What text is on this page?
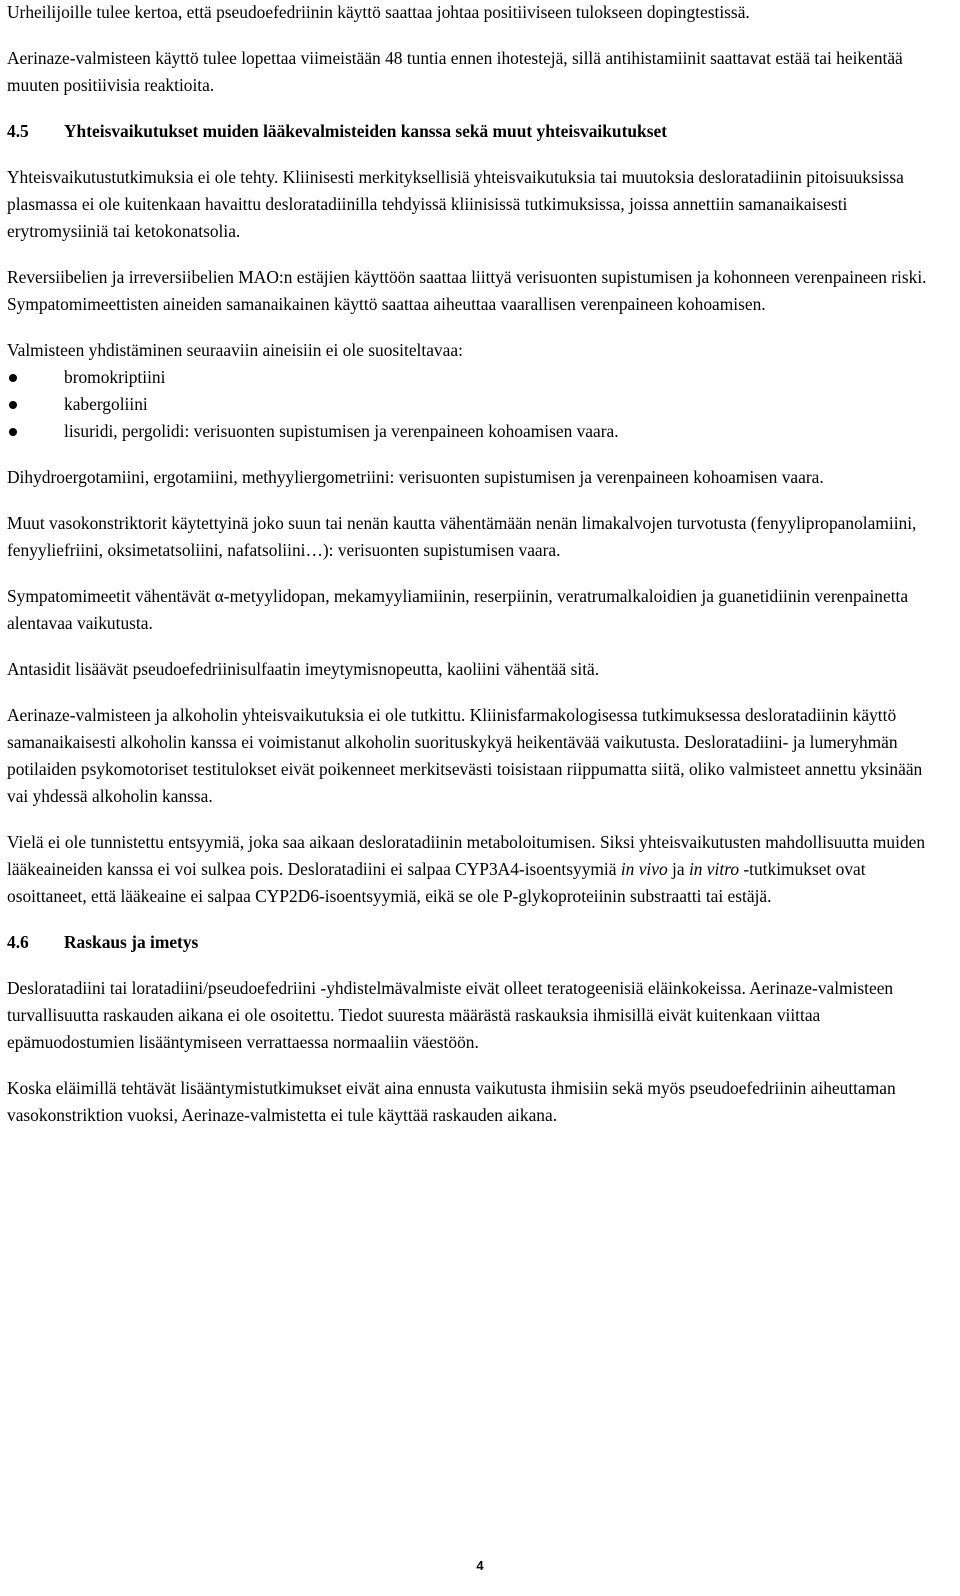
Urheilijoille tulee kertoa, että pseudoefedriinin käyttö saattaa johtaa positiiviseen tulokseen dopingtestissä.

Aerinaze-valmisteen käyttö tulee lopettaa viimeistään 48 tuntia ennen ihotestejä, sillä antihistamiinit saattavat estää tai heikentää muuten positiivisia reaktioita.

4.5 Yhteisvaikutukset muiden lääkevalmisteiden kanssa sekä muut yhteisvaikutukset

Yhteisvaikutustutkimuksia ei ole tehty. Kliinisesti merkityksellisiä yhteisvaikutuksia tai muutoksia desloratadiinin pitoisuuksissa plasmassa ei ole kuitenkaan havaittu desloratadiinilla tehdyissä kliinisissä tutkimuksissa, joissa annettiin samanaikaisesti erytromysiiniä tai ketokonatsolia.

Reversiibelien ja irreversiibelien MAO:n estäjien käyttöön saattaa liittyä verisuonten supistumisen ja kohonneen verenpaineen riski. Sympatomimeettisten aineiden samanaikainen käyttö saattaa aiheuttaa vaarallisen verenpaineen kohoamisen.

Valmisteen yhdistäminen seuraaviin aineisiin ei ole suositeltavaa:

bromokriptiini
kabergoliini
lisuridi, pergolidi: verisuonten supistumisen ja verenpaineen kohoamisen vaara.

Dihydroergotamiini, ergotamiini, methyyliergometriini: verisuonten supistumisen ja verenpaineen kohoamisen vaara.

Muut vasokonstriktorit käytettyinä joko suun tai nenän kautta vähentämään nenän limakalvojen turvotusta (fenyylipropanolamiini, fenyyliefriini, oksimetatsoliini, nafatsoliini…): verisuonten supistumisen vaara.

Sympatomimeetit vähentävät α-metyylidopan, mekamyyliamiinin, reserpiinin, veratrumalkaloidien ja guanetidiinin verenpainetta alentavaa vaikutusta.

Antasidit lisäävät pseudoefedriinisulfaatin imeytymisnopeutta, kaoliini vähentää sitä.

Aerinaze-valmisteen ja alkoholin yhteisvaikutuksia ei ole tutkittu. Kliinisfarmakologisessa tutkimuksessa desloratadiinin käyttö samanaikaisesti alkoholin kanssa ei voimistanut alkoholin suorituskykyä heikentävää vaikutusta. Desloratadiini- ja lumeryhmän potilaiden psykomotoriset testitulokset eivät poikenneet merkitsevästi toisistaan riippumatta siitä, oliko valmisteet annettu yksinään vai yhdessä alkoholin kanssa.

Vielä ei ole tunnistettu entsyymiä, joka saa aikaan desloratadiinin metaboloitumisen. Siksi yhteisvaikutusten mahdollisuutta muiden lääkeaineiden kanssa ei voi sulkea pois. Desloratadiini ei salpaa CYP3A4-isoentsyymiä in vivo ja in vitro -tutkimukset ovat osoittaneet, että lääkeaine ei salpaa CYP2D6-isoentsyymiä, eikä se ole P-glykoproteiinin substraatti tai estäjä.

4.6 Raskaus ja imetys

Desloratadiini tai loratadiini/pseudoefedriini -yhdistelmävalmiste eivät olleet teratogeenisiä eläinkokeissa. Aerinaze-valmisteen turvallisuutta raskauden aikana ei ole osoitettu. Tiedot suuresta määrästä raskauksia ihmisillä eivät kuitenkaan viittaa epämuodostumien lisääntymiseen verrattaessa normaaliin väestöön.

Koska eläimillä tehtävät lisääntymistutkimukset eivät aina ennusta vaikutusta ihmisiin sekä myös pseudoefedriinin aiheuttaman vasokonstriktion vuoksi, Aerinaze-valmistetta ei tule käyttää raskauden aikana.

4
